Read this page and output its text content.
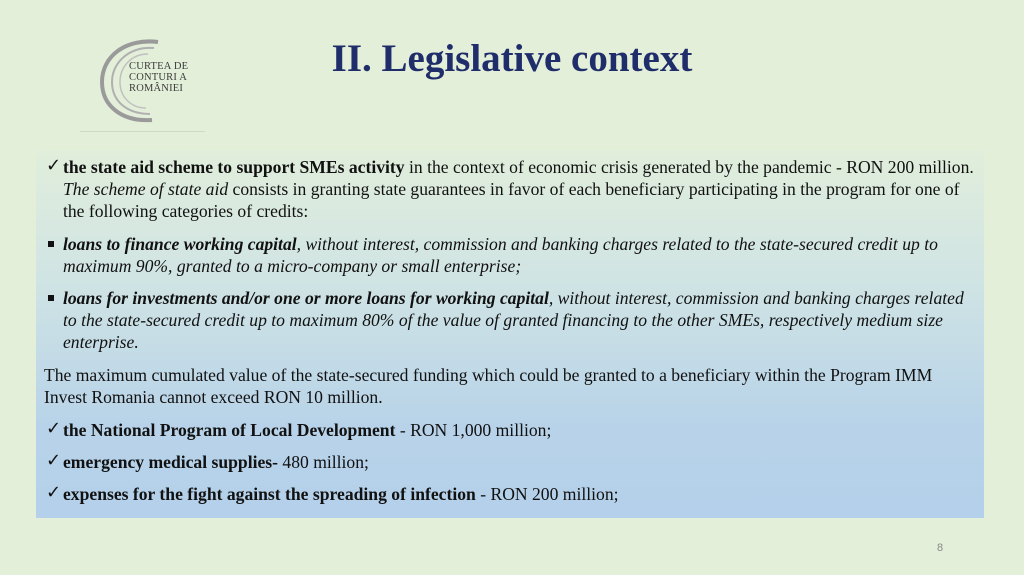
CURTEA DE
CONTURI A
ROMÂNIEI
II. Legislative context
✓ the state aid scheme to support SMEs activity in the context of economic crisis generated by the pandemic - RON 200 million. The scheme of state aid consists in granting state guarantees in favor of each beneficiary participating in the program for one of the following categories of credits:
loans to finance working capital, without interest, commission and banking charges related to the state-secured credit up to maximum 90%, granted to a micro-company or small enterprise;
loans for investments and/or one or more loans for working capital, without interest, commission and banking charges related to the state-secured credit up to maximum 80% of the value of granted financing to the other SMEs, respectively medium size enterprise.
The maximum cumulated value of the state-secured funding which could be granted to a beneficiary within the Program IMM Invest Romania cannot exceed RON 10 million.
✓ the National Program of Local Development - RON 1,000 million;
✓ emergency medical supplies- 480 million;
✓ expenses for the fight against the spreading of infection - RON 200 million;
8
